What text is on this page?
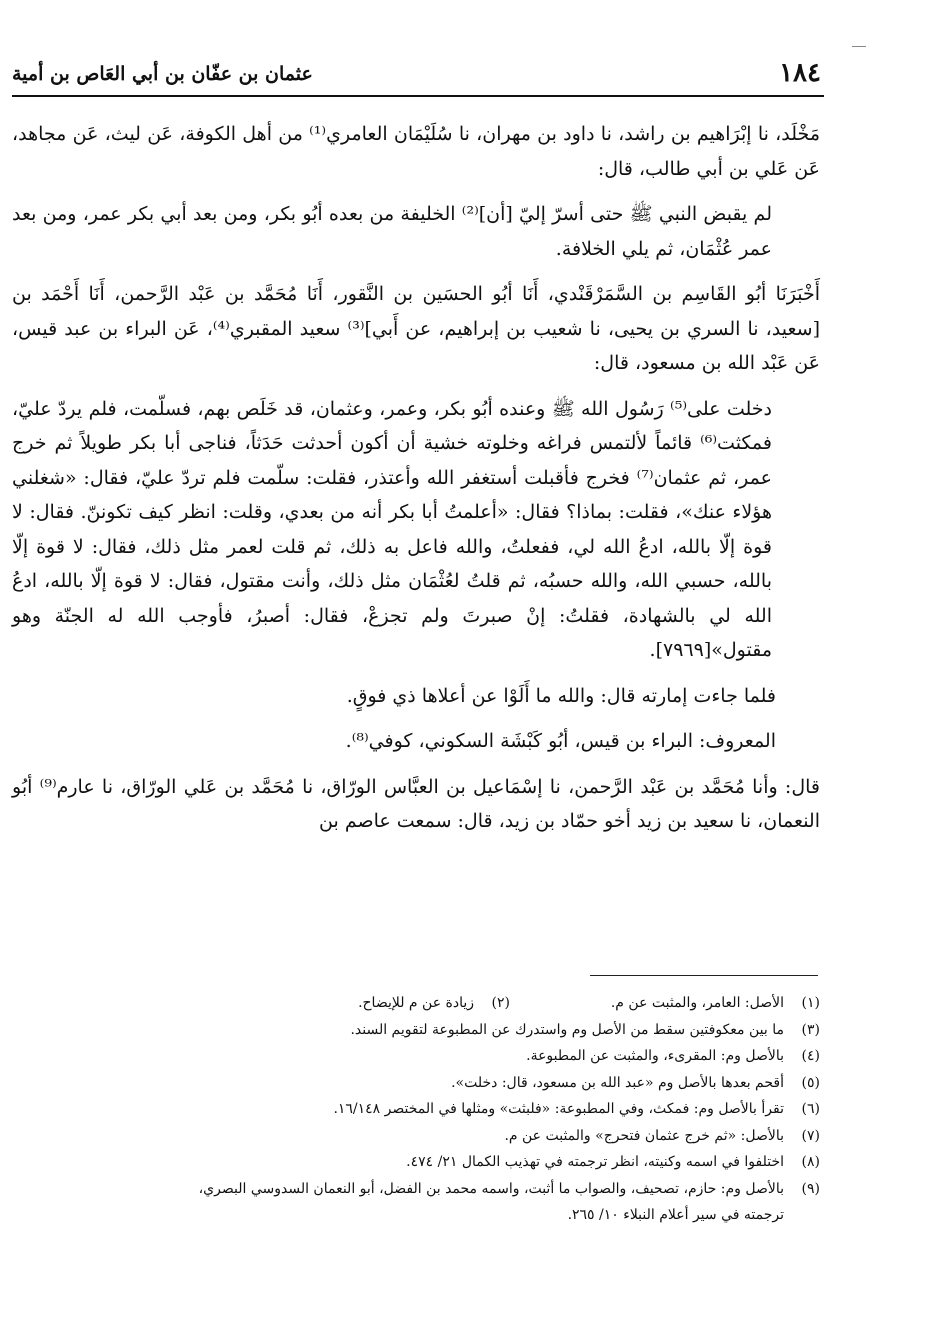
١٨٤
عثمان بن عفّان بن أبي العَاص بن أمية

مَخْلَد، نا إبْرَاهيم بن راشد، نا داود بن مهران، نا سُلَيْمَان العامري⁽¹⁾ من أهل الكوفة، عَن ليث، عَن مجاهد، عَن عَلي بن أبي طالب، قال:

لم يقبض النبي ﷺ حتى أسرّ إليّ [أن]⁽²⁾ الخليفة من بعده أبُو بكر، ومن بعد أبي بكر عمر، ومن بعد عمر عُثْمَان، ثم يلي الخلافة.

أَخْبَرَنَا أبُو القَاسِم بن السَّمَرْقَنْدي، أَنَا أبُو الحسَين بن النَّقور، أَنَا مُحَمَّد بن عَبْد الرَّحمن، أَنَا أَحْمَد بن [سعيد، نا السري بن يحيى، نا شعيب بن إبراهيم، عن أَبي]⁽³⁾ سعيد المقبري⁽⁴⁾، عَن البراء بن عبد قيس، عَن عَبْد الله بن مسعود، قال:

دخلت على⁽⁵⁾ رَسُول الله ﷺ وعنده أبُو بكر، وعمر، وعثمان، قد خَلَص بهم، فسلّمت، فلم يردّ عليّ، فمكثت⁽⁶⁾ قائماً لألتمس فراغه وخلوته خشية أن أكون أحدثت حَدَثاً، فناجى أبا بكر طويلاً ثم خرج عمر، ثم عثمان⁽⁷⁾ فخرج فأقبلت أستغفر الله وأعتذر، فقلت: سلّمت فلم تردّ عليّ، فقال: «شغلني هؤلاء عنك»، فقلت: بماذا؟ فقال: «أعلمتُ أبا بكر أنه من بعدي، وقلت: انظر كيف تكوننّ. فقال: لا قوة إلّا بالله، ادعُ الله لي، ففعلتُ، والله فاعل به ذلك، ثم قلت لعمر مثل ذلك، فقال: لا قوة إلّا بالله، حسبي الله، والله حسبُه، ثم قلتُ لعُثْمَان مثل ذلك، وأنت مقتول، فقال: لا قوة إلّا بالله، ادعُ الله لي بالشهادة، فقلتُ: إنْ صبرتَ ولم تجزعْ، فقال: أصبرُ، فأوجب الله له الجنّة وهو مقتول»[٧٩٦٩].

فلما جاءت إمارته قال: والله ما أَلَوْا عن أعلاها ذي فوقٍ.

المعروف: البراء بن قيس، أبُو كَبْشَة السكوني، كوفي⁽⁸⁾.

قال: وأنا مُحَمَّد بن عَبْد الرَّحمن، نا إسْمَاعيل بن العبَّاس الورّاق، نا مُحَمَّد بن عَلي الورّاق، نا عارم⁽⁹⁾ أبُو النعمان، نا سعيد بن زيد أخو حمّاد بن زيد، قال: سمعت عاصم بن

(١)الأصل: العامر، والمثبت عن م.
(٢)زيادة عن م للإيضاح.
(٣)ما بين معكوفتين سقط من الأصل وم واستدرك عن المطبوعة لتقويم السند.
(٤)بالأصل وم: المقرىء، والمثبت عن المطبوعة.
(٥)أقحم بعدها بالأصل وم «عبد الله بن مسعود، قال: دخلت».
(٦)تقرأ بالأصل وم: فمكث، وفي المطبوعة: «فلبثت» ومثلها في المختصر ١٦/١٤٨.
(٧)بالأصل: «ثم خرج عثمان فتحرج» والمثبت عن م.
(٨)اختلفوا في اسمه وكنيته، انظر ترجمته في تهذيب الكمال ٢١/ ٤٧٤.
(٩)بالأصل وم: حازم، تصحيف، والصواب ما أثبت، واسمه محمد بن الفضل، أبو النعمان السدوسي البصري،
ترجمته في سير أعلام النبلاء ١٠/ ٢٦٥.
